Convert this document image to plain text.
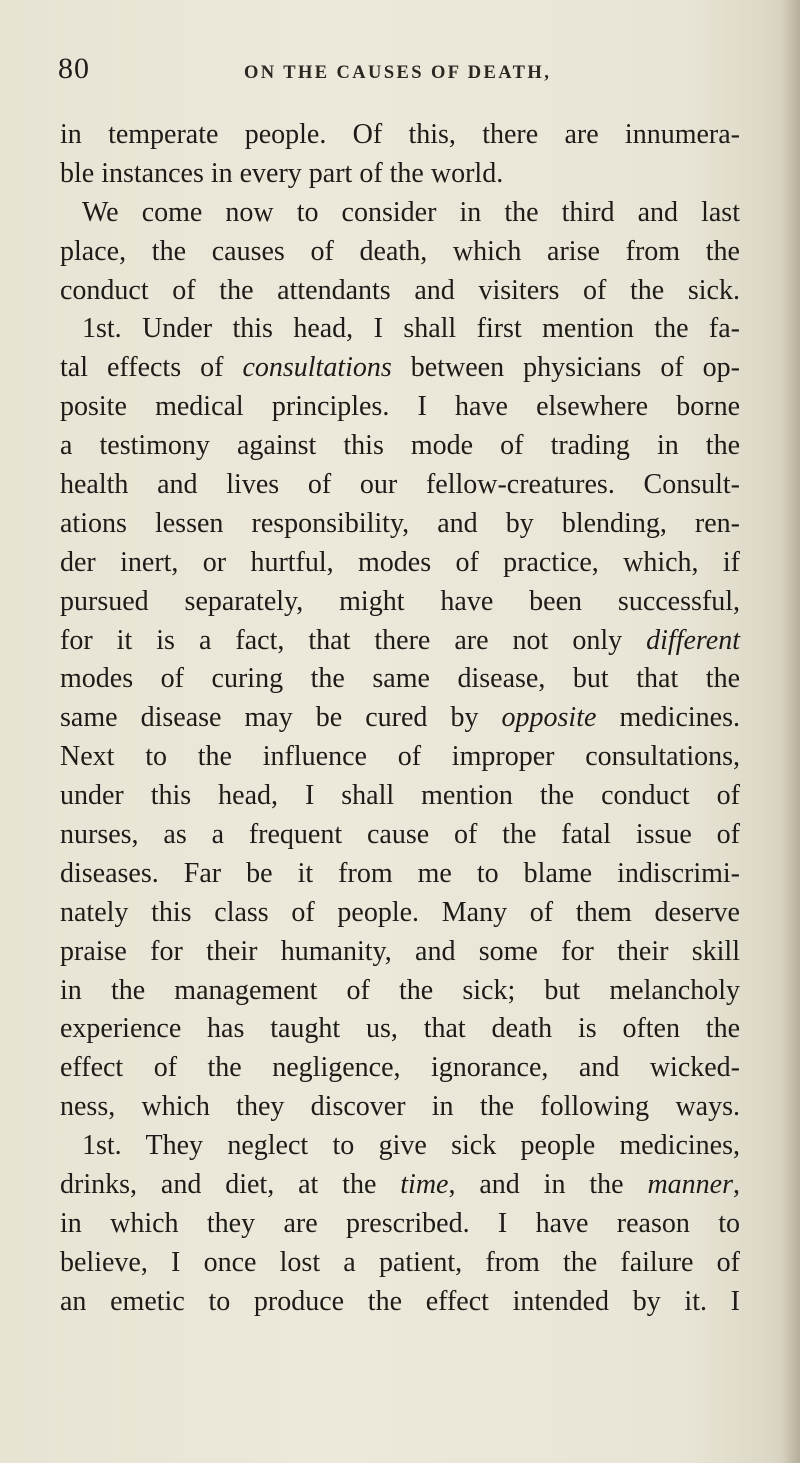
80	ON THE CAUSES OF DEATH,
in temperate people. Of this, there are innumera-
ble instances in every part of the world.
We come now to consider in the third and last
place, the causes of death, which arise from the
conduct of the attendants and visiters of the sick.
1st. Under this head, I shall first mention the fa-
tal effects of consultations between physicians of op-
posite medical principles. I have elsewhere borne
a testimony against this mode of trading in the
health and lives of our fellow-creatures. Consult-
ations lessen responsibility, and by blending, ren-
der inert, or hurtful, modes of practice, which, if
pursued separately, might have been successful,
for it is a fact, that there are not only different
modes of curing the same disease, but that the
same disease may be cured by opposite medicines.
Next to the influence of improper consultations,
under this head, I shall mention the conduct of
nurses, as a frequent cause of the fatal issue of
diseases. Far be it from me to blame indiscrimi-
nately this class of people. Many of them deserve
praise for their humanity, and some for their skill
in the management of the sick; but melancholy
experience has taught us, that death is often the
effect of the negligence, ignorance, and wicked-
ness, which they discover in the following ways.
1st. They neglect to give sick people medicines,
drinks, and diet, at the time, and in the manner,
in which they are prescribed. I have reason to
believe, I once lost a patient, from the failure of
an emetic to produce the effect intended by it. I
